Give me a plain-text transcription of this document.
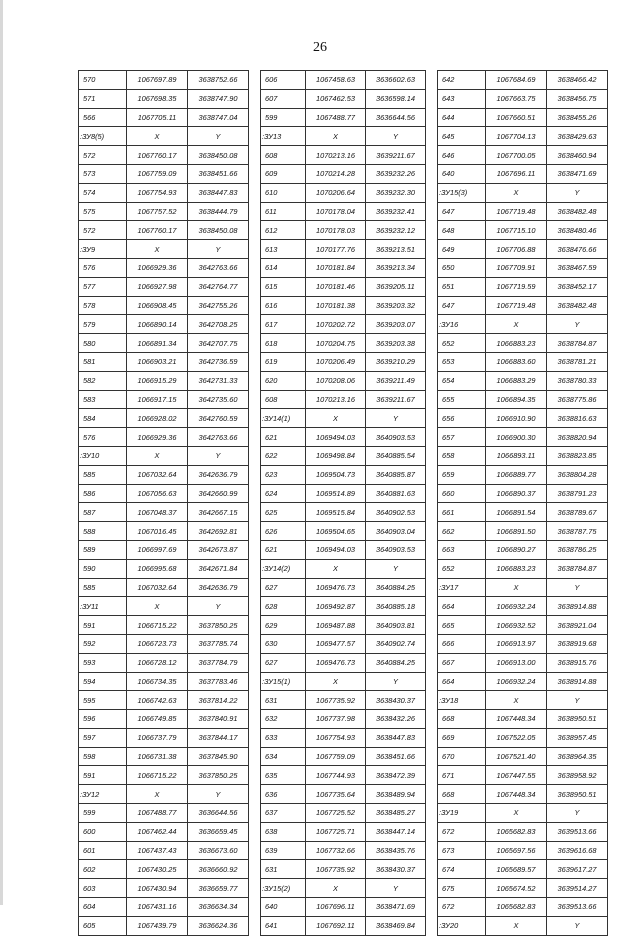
26
570	1067697.89	3638752.66
571	1067698.35	3638747.90
566	1067705.11	3638747.04
:ЗУ8(5)	X	Y
572	1067760.17	3638450.08
573	1067759.09	3638451.66
574	1067754.93	3638447.83
575	1067757.52	3638444.79
572	1067760.17	3638450.08
:ЗУ9	X	Y
576	1066929.36	3642763.66
577	1066927.98	3642764.77
578	1066908.45	3642755.26
579	1066890.14	3642708.25
580	1066891.34	3642707.75
581	1066903.21	3642736.59
582	1066915.29	3642731.33
583	1066917.15	3642735.60
584	1066928.02	3642760.59
576	1066929.36	3642763.66
:ЗУ10	X	Y
585	1067032.64	3642636.79
586	1067056.63	3642660.99
587	1067048.37	3642667.15
588	1067016.45	3642692.81
589	1066997.69	3642673.87
590	1066995.68	3642671.84
585	1067032.64	3642636.79
:ЗУ11	X	Y
591	1066715.22	3637850.25
592	1066723.73	3637785.74
593	1066728.12	3637784.79
594	1066734.35	3637783.46
595	1066742.63	3637814.22
596	1066749.85	3637840.91
597	1066737.79	3637844.17
598	1066731.38	3637845.90
591	1066715.22	3637850.25
:ЗУ12	X	Y
599	1067488.77	3636644.56
600	1067462.44	3636659.45
601	1067437.43	3636673.60
602	1067430.25	3636660.92
603	1067430.94	3636659.77
604	1067431.16	3636634.34
605	1067439.79	3636624.36
606	1067458.63	3636602.63
607	1067462.53	3636598.14
599	1067488.77	3636644.56
:ЗУ13	X	Y
608	1070213.16	3639211.67
609	1070214.28	3639232.26
610	1070206.64	3639232.30
611	1070178.04	3639232.41
612	1070178.03	3639232.12
613	1070177.76	3639213.51
614	1070181.84	3639213.34
615	1070181.46	3639205.11
616	1070181.38	3639203.32
617	1070202.72	3639203.07
618	1070204.75	3639203.38
619	1070206.49	3639210.29
620	1070208.06	3639211.49
608	1070213.16	3639211.67
:ЗУ14(1)	X	Y
621	1069494.03	3640903.53
622	1069498.84	3640885.54
623	1069504.73	3640885.87
624	1069514.89	3640881.63
625	1069515.84	3640902.53
626	1069504.65	3640903.04
621	1069494.03	3640903.53
:ЗУ14(2)	X	Y
627	1069476.73	3640884.25
628	1069492.87	3640885.18
629	1069487.88	3640903.81
630	1069477.57	3640902.74
627	1069476.73	3640884.25
:ЗУ15(1)	X	Y
631	1067735.92	3638430.37
632	1067737.98	3638432.26
633	1067754.93	3638447.83
634	1067759.09	3638451.66
635	1067744.93	3638472.39
636	1067735.64	3638489.94
637	1067725.52	3638485.27
638	1067725.71	3638447.14
639	1067732.66	3638435.76
631	1067735.92	3638430.37
:ЗУ15(2)	X	Y
640	1067696.11	3638471.69
641	1067692.11	3638469.84
642	1067684.69	3638466.42
643	1067663.75	3638456.75
644	1067660.51	3638455.26
645	1067704.13	3638429.63
646	1067700.05	3638460.94
640	1067696.11	3638471.69
:ЗУ15(3)	X	Y
647	1067719.48	3638482.48
648	1067715.10	3638480.46
649	1067706.88	3638476.66
650	1067709.91	3638467.59
651	1067719.59	3638452.17
647	1067719.48	3638482.48
:ЗУ16	X	Y
652	1066883.23	3638784.87
653	1066883.60	3638781.21
654	1066883.29	3638780.33
655	1066894.35	3638775.86
656	1066910.90	3638816.63
657	1066900.30	3638820.94
658	1066893.11	3638823.85
659	1066889.77	3638804.28
660	1066890.37	3638791.23
661	1066891.54	3638789.67
662	1066891.50	3638787.75
663	1066890.27	3638786.25
652	1066883.23	3638784.87
:ЗУ17	X	Y
664	1066932.24	3638914.88
665	1066932.52	3638921.04
666	1066913.97	3638919.68
667	1066913.00	3638915.76
664	1066932.24	3638914.88
:ЗУ18	X	Y
668	1067448.34	3638950.51
669	1067522.05	3638957.45
670	1067521.40	3638964.35
671	1067447.55	3638958.92
668	1067448.34	3638950.51
:ЗУ19	X	Y
672	1065682.83	3639513.66
673	1065697.56	3639616.68
674	1065689.57	3639617.27
675	1065674.52	3639514.27
672	1065682.83	3639513.66
:ЗУ20	X	Y
